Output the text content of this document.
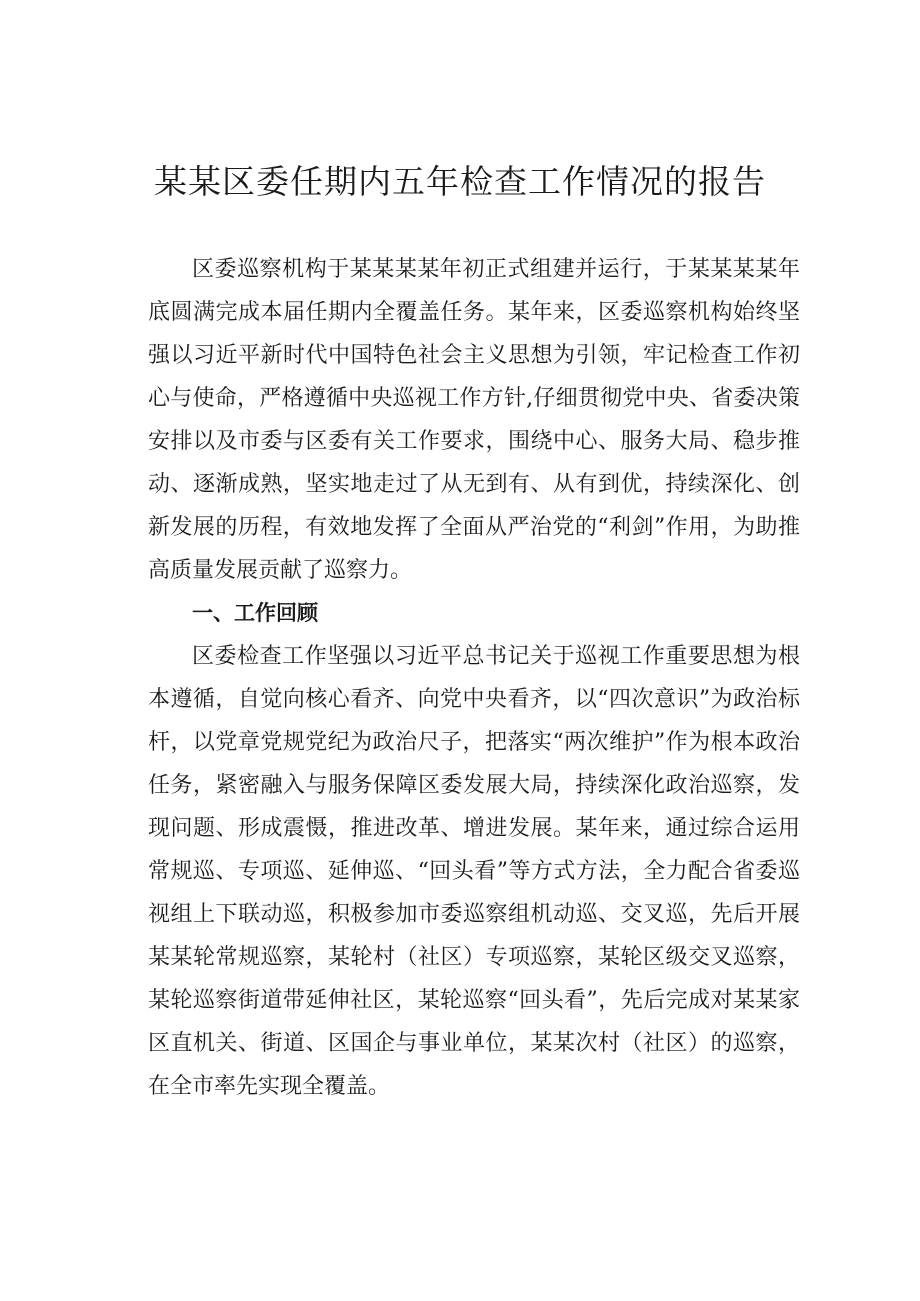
某某区委任期内五年检查工作情况的报告

区委巡察机构于某某某某年初正式组建并运行，于某某某某年底圆满完成本届任期内全覆盖任务。某年来，区委巡察机构始终坚强以习近平新时代中国特色社会主义思想为引领，牢记检查工作初心与使命，严格遵循中央巡视工作方针,仔细贯彻党中央、省委决策安排以及市委与区委有关工作要求，围绕中心、服务大局、稳步推动、逐渐成熟，坚实地走过了从无到有、从有到优，持续深化、创新发展的历程，有效地发挥了全面从严治党的“利剑”作用，为助推高质量发展贡献了巡察力。

一、工作回顾

区委检查工作坚强以习近平总书记关于巡视工作重要思想为根本遵循，自觉向核心看齐、向党中央看齐，以“四次意识”为政治标杆，以党章党规党纪为政治尺子，把落实“两次维护”作为根本政治任务，紧密融入与服务保障区委发展大局，持续深化政治巡察，发现问题、形成震慑，推进改革、增进发展。某年来，通过综合运用常规巡、专项巡、延伸巡、“回头看”等方式方法，全力配合省委巡视组上下联动巡，积极参加市委巡察组机动巡、交叉巡，先后开展某某轮常规巡察，某轮村（社区）专项巡察，某轮区级交叉巡察，某轮巡察街道带延伸社区，某轮巡察“回头看”，先后完成对某某家区直机关、街道、区国企与事业单位，某某次村（社区）的巡察，在全市率先实现全覆盖。
